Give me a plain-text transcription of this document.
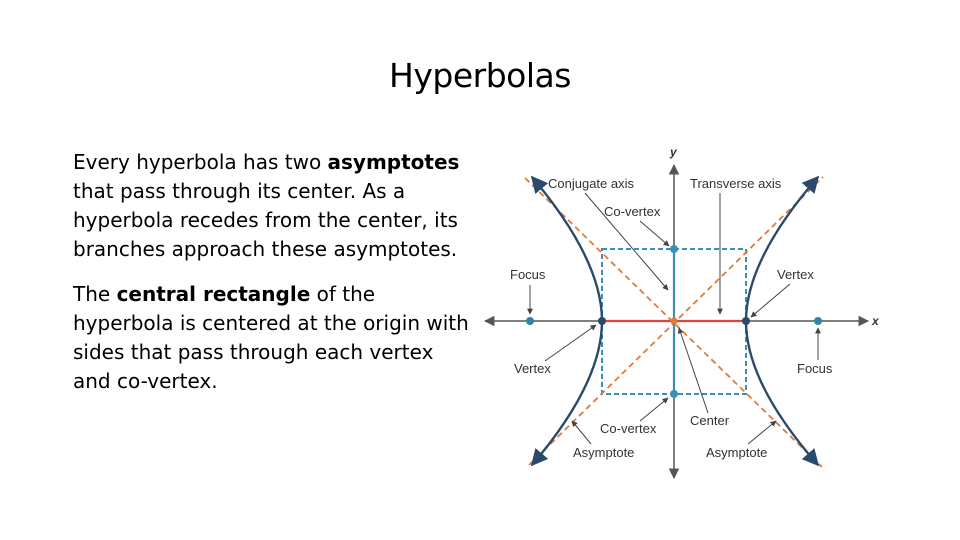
Hyperbolas

Every hyperbola has two asymptotes that pass through its center. As a hyperbola recedes from the center, its branches approach these asymptotes.

The central rectangle of the hyperbola is centered at the origin with sides that pass through each vertex and co-vertex.

y
x
Conjugate axis	Transverse axis
Co-vertex
Focus	Vertex
Vertex	Focus
Co-vertex
Center
Asymptote	Asymptote
